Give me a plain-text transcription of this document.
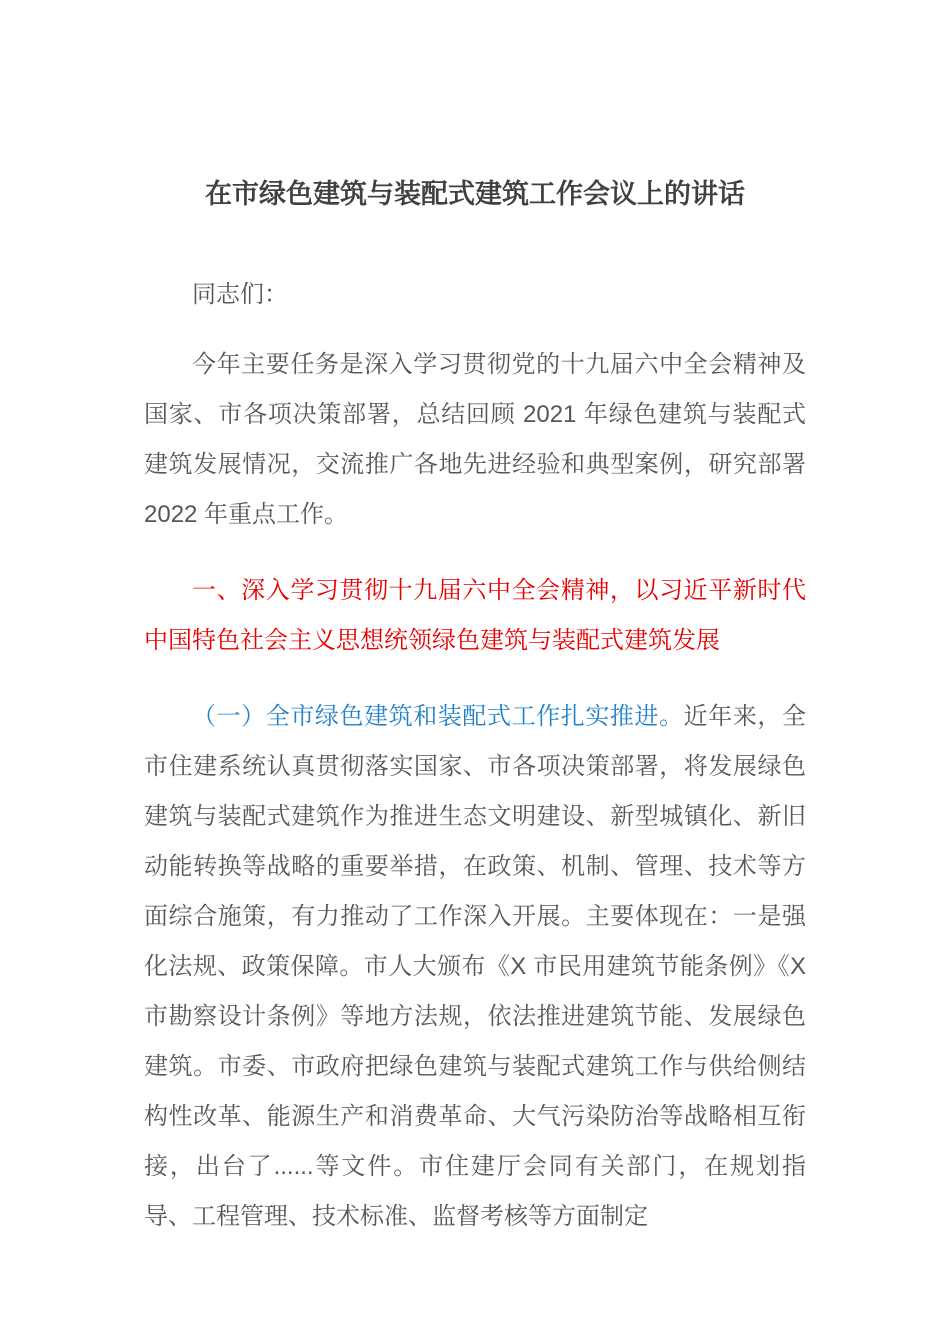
在市绿色建筑与装配式建筑工作会议上的讲话

同志们：

今年主要任务是深入学习贯彻党的十九届六中全会精神及国家、市各项决策部署，总结回顾 2021 年绿色建筑与装配式建筑发展情况，交流推广各地先进经验和典型案例，研究部署 2022 年重点工作。

一、深入学习贯彻十九届六中全会精神，以习近平新时代中国特色社会主义思想统领绿色建筑与装配式建筑发展

（一）全市绿色建筑和装配式工作扎实推进。近年来，全市住建系统认真贯彻落实国家、市各项决策部署，将发展绿色建筑与装配式建筑作为推进生态文明建设、新型城镇化、新旧动能转换等战略的重要举措，在政策、机制、管理、技术等方面综合施策，有力推动了工作深入开展。主要体现在：一是强化法规、政策保障。市人大颁布《X 市民用建筑节能条例》《X 市勘察设计条例》等地方法规，依法推进建筑节能、发展绿色建筑。市委、市政府把绿色建筑与装配式建筑工作与供给侧结构性改革、能源生产和消费革命、大气污染防治等战略相互衔接，出台了......等文件。市住建厅会同有关部门，在规划指导、工程管理、技术标准、监督考核等方面制定
